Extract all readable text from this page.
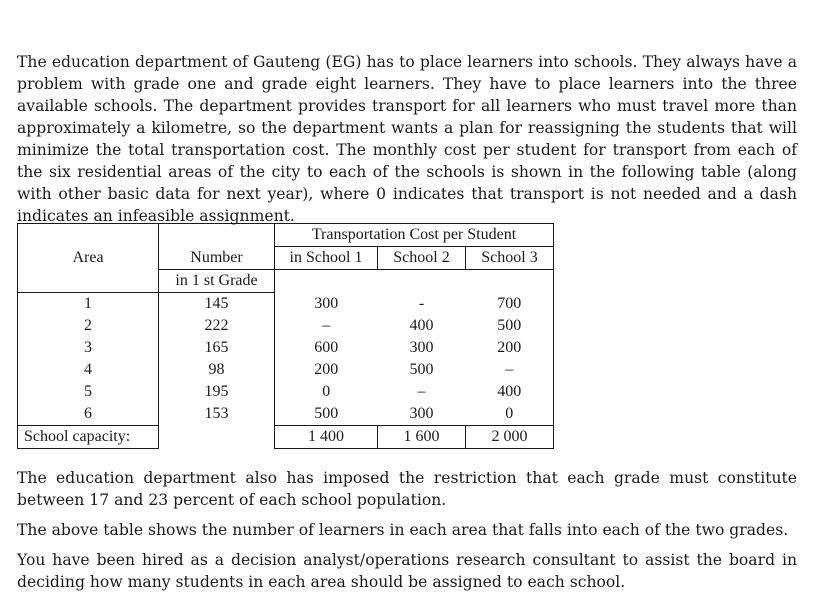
The education department of Gauteng (EG) has to place learners into schools. They always have a problem with grade one and grade eight learners. They have to place learners into the three available schools. The department provides transport for all learners who must travel more than approximately a kilometre, so the department wants a plan for reassigning the students that will minimize the total transportation cost. The monthly cost per student for transport from each of the six residential areas of the city to each of the schools is shown in the following table (along with other basic data for next year), where 0 indicates that transport is not needed and a dash indicates an infeasible assignment.
		Transportation Cost per Student		
Area	Number	in School 1	School 2	School 3
	in 1 st Grade			
1	145	300	-	700
2	222	–	400	500
3	165	600	300	200
4	98	200	500	–
5	195	0	–	400
6	153	500	300	0
School capacity:		1 400	1 600	2 000
The education department also has imposed the restriction that each grade must constitute between 17 and 23 percent of each school population.
The above table shows the number of learners in each area that falls into each of the two grades.
You have been hired as a decision analyst/operations research consultant to assist the board in deciding how many students in each area should be assigned to each school.
